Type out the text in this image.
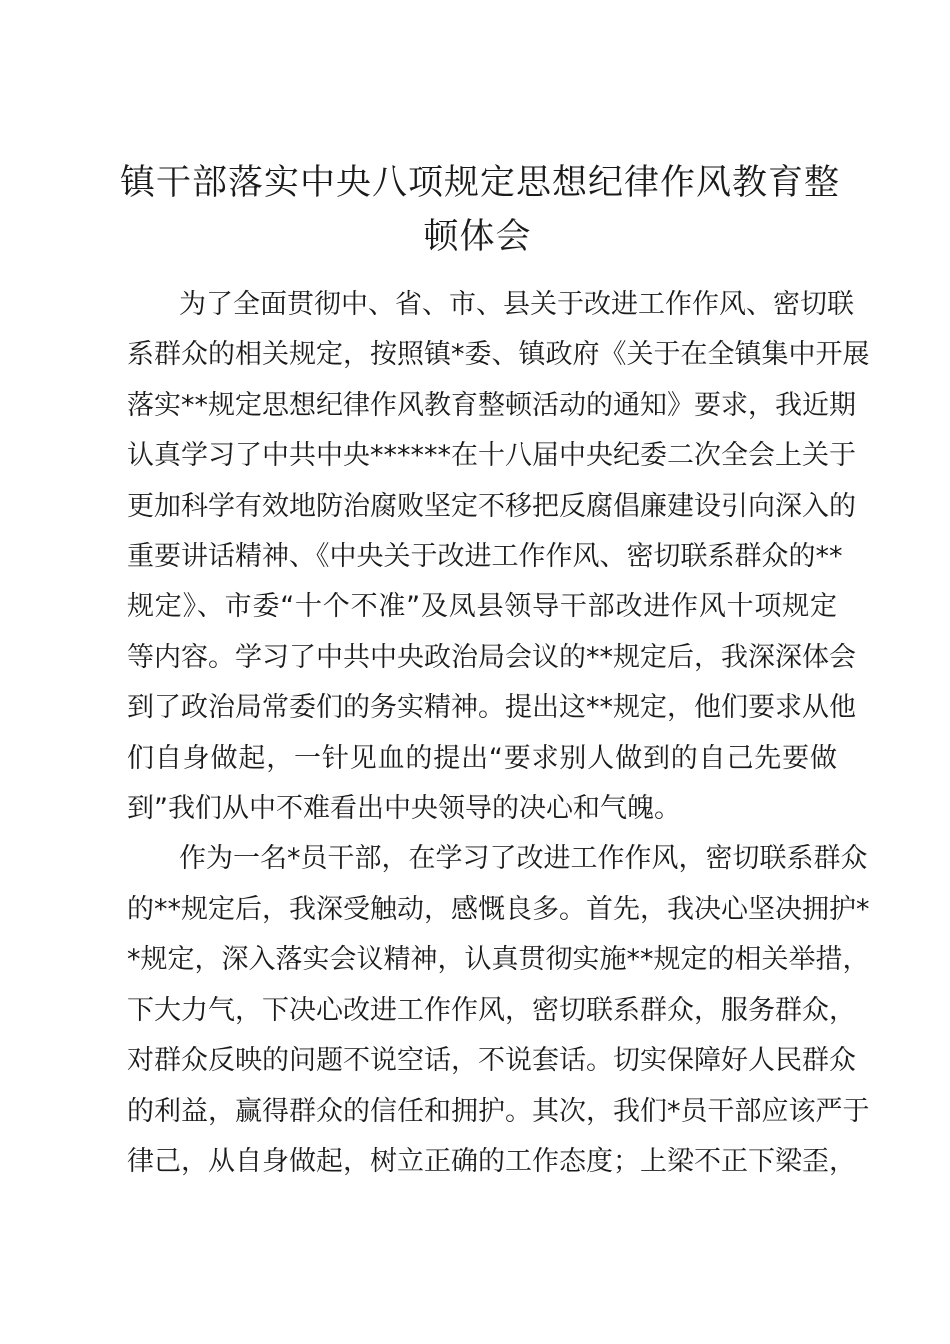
镇干部落实中央八项规定思想纪律作风教育整
顿体会
为了全面贯彻中、省、市、县关于改进工作作风、密切联
系群众的相关规定，按照镇*委、镇政府《关于在全镇集中开展
落实**规定思想纪律作风教育整顿活动的通知》要求，我近期
认真学习了中共中央******在十八届中央纪委二次全会上关于
更加科学有效地防治腐败坚定不移把反腐倡廉建设引向深入的
重要讲话精神、《中央关于改进工作作风、密切联系群众的**
规定》、市委“十个不准”及凤县领导干部改进作风十项规定
等内容。学习了中共中央政治局会议的**规定后，我深深体会
到了政治局常委们的务实精神。提出这**规定，他们要求从他
们自身做起，一针见血的提出“要求别人做到的自己先要做
到”我们从中不难看出中央领导的决心和气魄。
作为一名*员干部，在学习了改进工作作风，密切联系群众
的**规定后，我深受触动，感慨良多。首先，我决心坚决拥护*
*规定，深入落实会议精神，认真贯彻实施**规定的相关举措，
下大力气，下决心改进工作作风，密切联系群众，服务群众，
对群众反映的问题不说空话，不说套话。切实保障好人民群众
的利益，赢得群众的信任和拥护。其次，我们*员干部应该严于
律己，从自身做起，树立正确的工作态度；上梁不正下梁歪，
